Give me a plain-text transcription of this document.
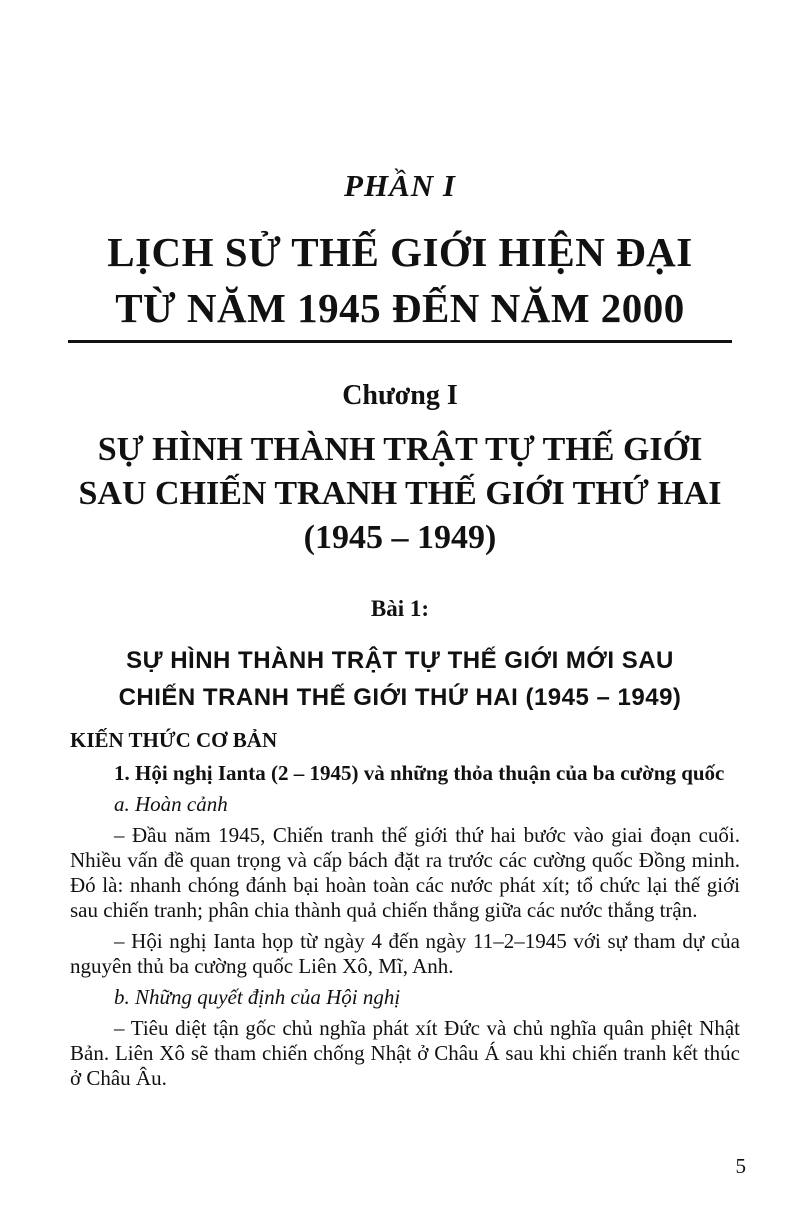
PHẦN I
LỊCH SỬ THẾ GIỚI HIỆN ĐẠI
TỪ NĂM 1945 ĐẾN NĂM 2000
Chương I
SỰ HÌNH THÀNH TRẬT TỰ THẾ GIỚI
SAU CHIẾN TRANH THẾ GIỚI THỨ HAI
(1945 – 1949)
Bài 1:
SỰ HÌNH THÀNH TRẬT TỰ THẾ GIỚI MỚI SAU
CHIẾN TRANH THẾ GIỚI THỨ HAI (1945 – 1949)

KIẾN THỨC CƠ BẢN

1. Hội nghị Ianta (2 – 1945) và những thỏa thuận của ba cường quốc

a. Hoàn cảnh

– Đầu năm 1945, Chiến tranh thế giới thứ hai bước vào giai đoạn cuối. Nhiều vấn đề quan trọng và cấp bách đặt ra trước các cường quốc Đồng minh. Đó là: nhanh chóng đánh bại hoàn toàn các nước phát xít; tổ chức lại thế giới sau chiến tranh; phân chia thành quả chiến thắng giữa các nước thắng trận.

– Hội nghị Ianta họp từ ngày 4 đến ngày 11–2–1945 với sự tham dự của nguyên thủ ba cường quốc Liên Xô, Mĩ, Anh.

b. Những quyết định của Hội nghị

– Tiêu diệt tận gốc chủ nghĩa phát xít Đức và chủ nghĩa quân phiệt Nhật Bản. Liên Xô sẽ tham chiến chống Nhật ở Châu Á sau khi chiến tranh kết thúc ở Châu Âu.

5
